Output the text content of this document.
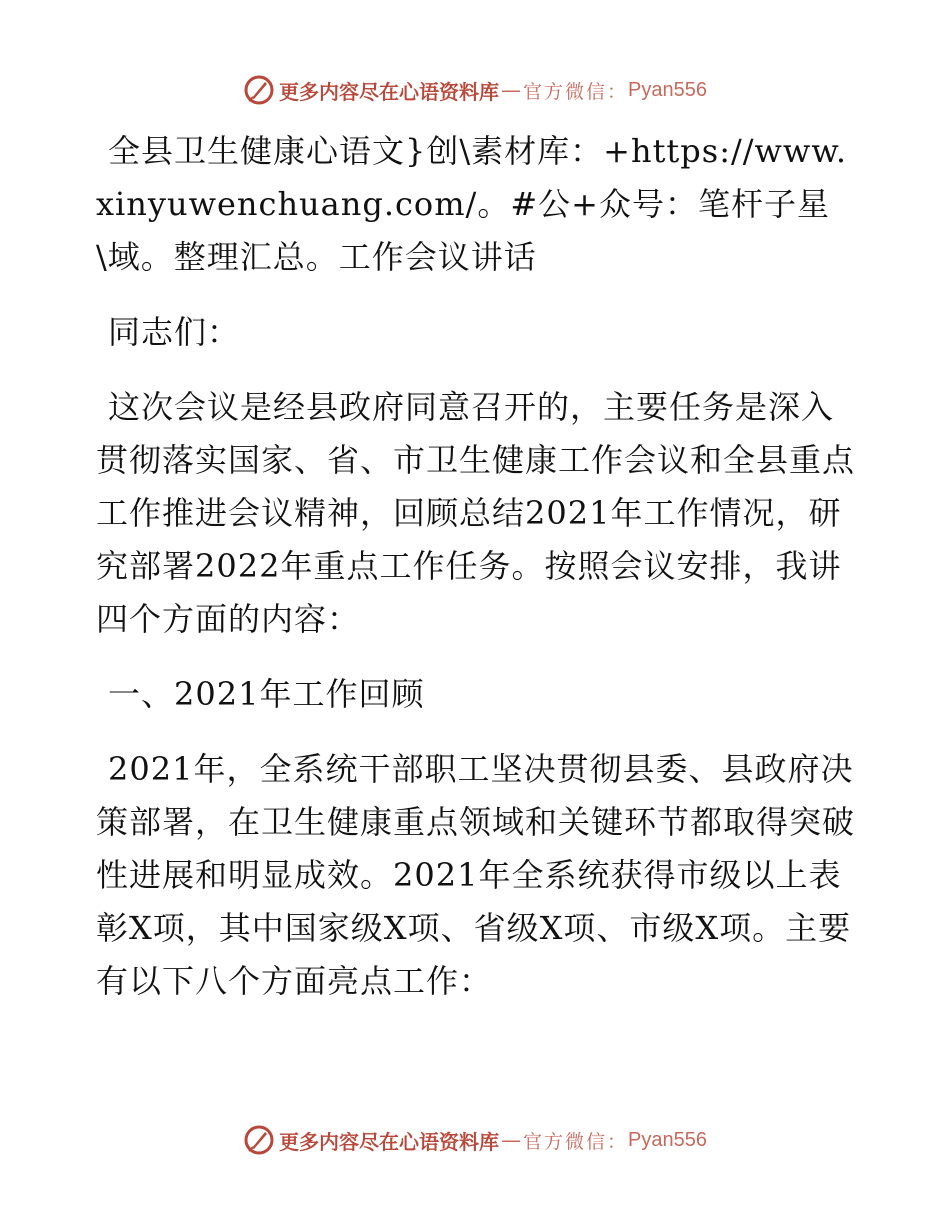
更多内容尽在心语资料库 — 官方微信： Pyan556

全县卫生健康心语文}创\素材库：+https://www.xinyuwenchuang.com/。#公+众号：笔杆子星\域。整理汇总。工作会议讲话

同志们：

这次会议是经县政府同意召开的，主要任务是深入贯彻落实国家、省、市卫生健康工作会议和全县重点工作推进会议精神，回顾总结2021年工作情况，研究部署2022年重点工作任务。按照会议安排，我讲四个方面的内容：

一、2021年工作回顾

2021年，全系统干部职工坚决贯彻县委、县政府决策部署，在卫生健康重点领域和关键环节都取得突破性进展和明显成效。2021年全系统获得市级以上表彰X项，其中国家级X项、省级X项、市级X项。主要有以下八个方面亮点工作：

更多内容尽在心语资料库 — 官方微信： Pyan556
